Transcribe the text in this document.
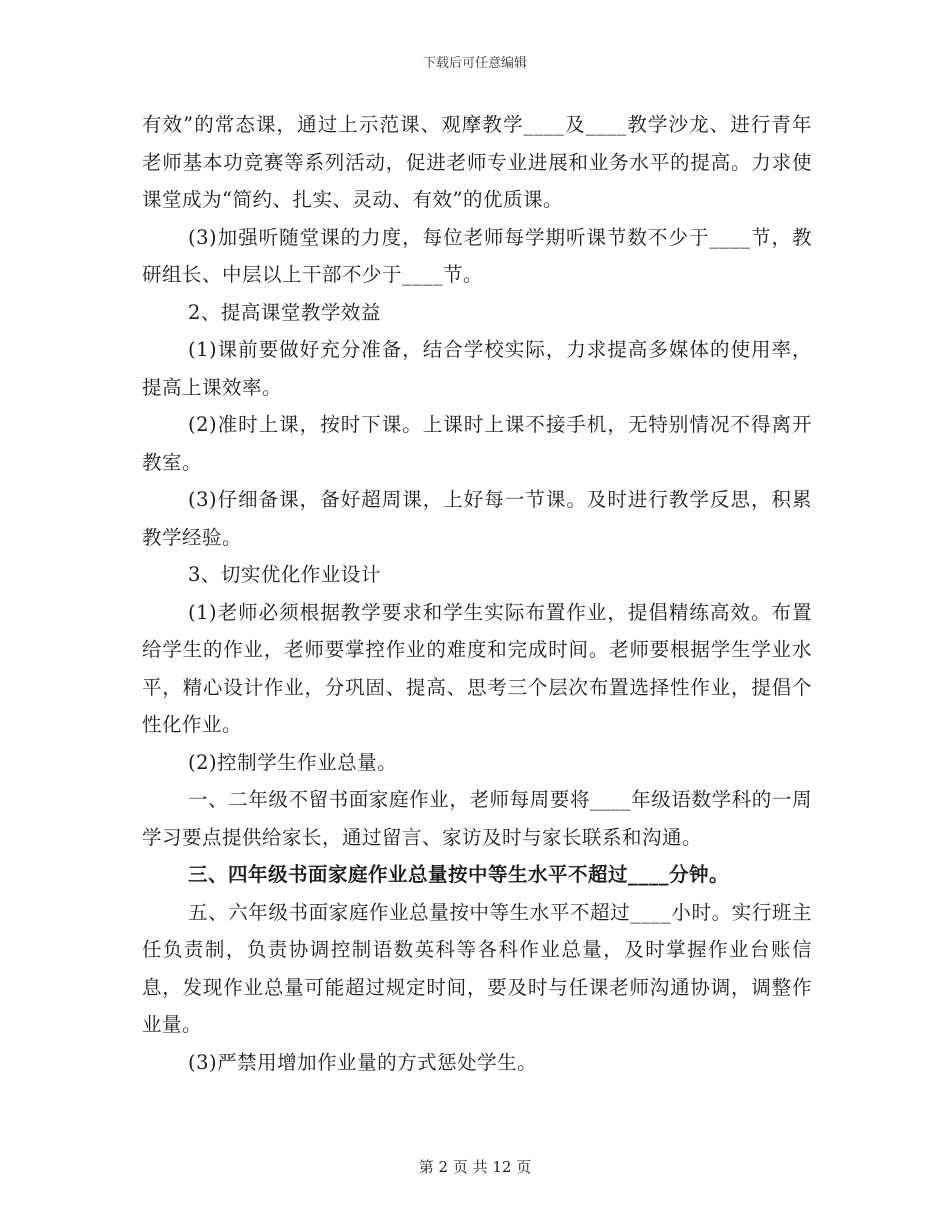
下载后可任意编辑

有效”的常态课，通过上示范课、观摩教学____及____教学沙龙、进行青年老师基本功竞赛等系列活动，促进老师专业进展和业务水平的提高。力求使课堂成为“简约、扎实、灵动、有效”的优质课。

(3)加强听随堂课的力度，每位老师每学期听课节数不少于____节，教研组长、中层以上干部不少于____节。

2、提高课堂教学效益

(1)课前要做好充分准备，结合学校实际，力求提高多媒体的使用率，提高上课效率。

(2)准时上课，按时下课。上课时上课不接手机，无特别情况不得离开教室。

(3)仔细备课，备好超周课，上好每一节课。及时进行教学反思，积累教学经验。

3、切实优化作业设计

(1)老师必须根据教学要求和学生实际布置作业，提倡精练高效。布置给学生的作业，老师要掌控作业的难度和完成时间。老师要根据学生学业水平，精心设计作业，分巩固、提高、思考三个层次布置选择性作业，提倡个性化作业。

(2)控制学生作业总量。

一、二年级不留书面家庭作业，老师每周要将____年级语数学科的一周学习要点提供给家长，通过留言、家访及时与家长联系和沟通。

三、四年级书面家庭作业总量按中等生水平不超过____分钟。

五、六年级书面家庭作业总量按中等生水平不超过____小时。实行班主任负责制，负责协调控制语数英科等各科作业总量，及时掌握作业台账信息，发现作业总量可能超过规定时间，要及时与任课老师沟通协调，调整作业量。

(3)严禁用增加作业量的方式惩处学生。

第 2 页 共 12 页
